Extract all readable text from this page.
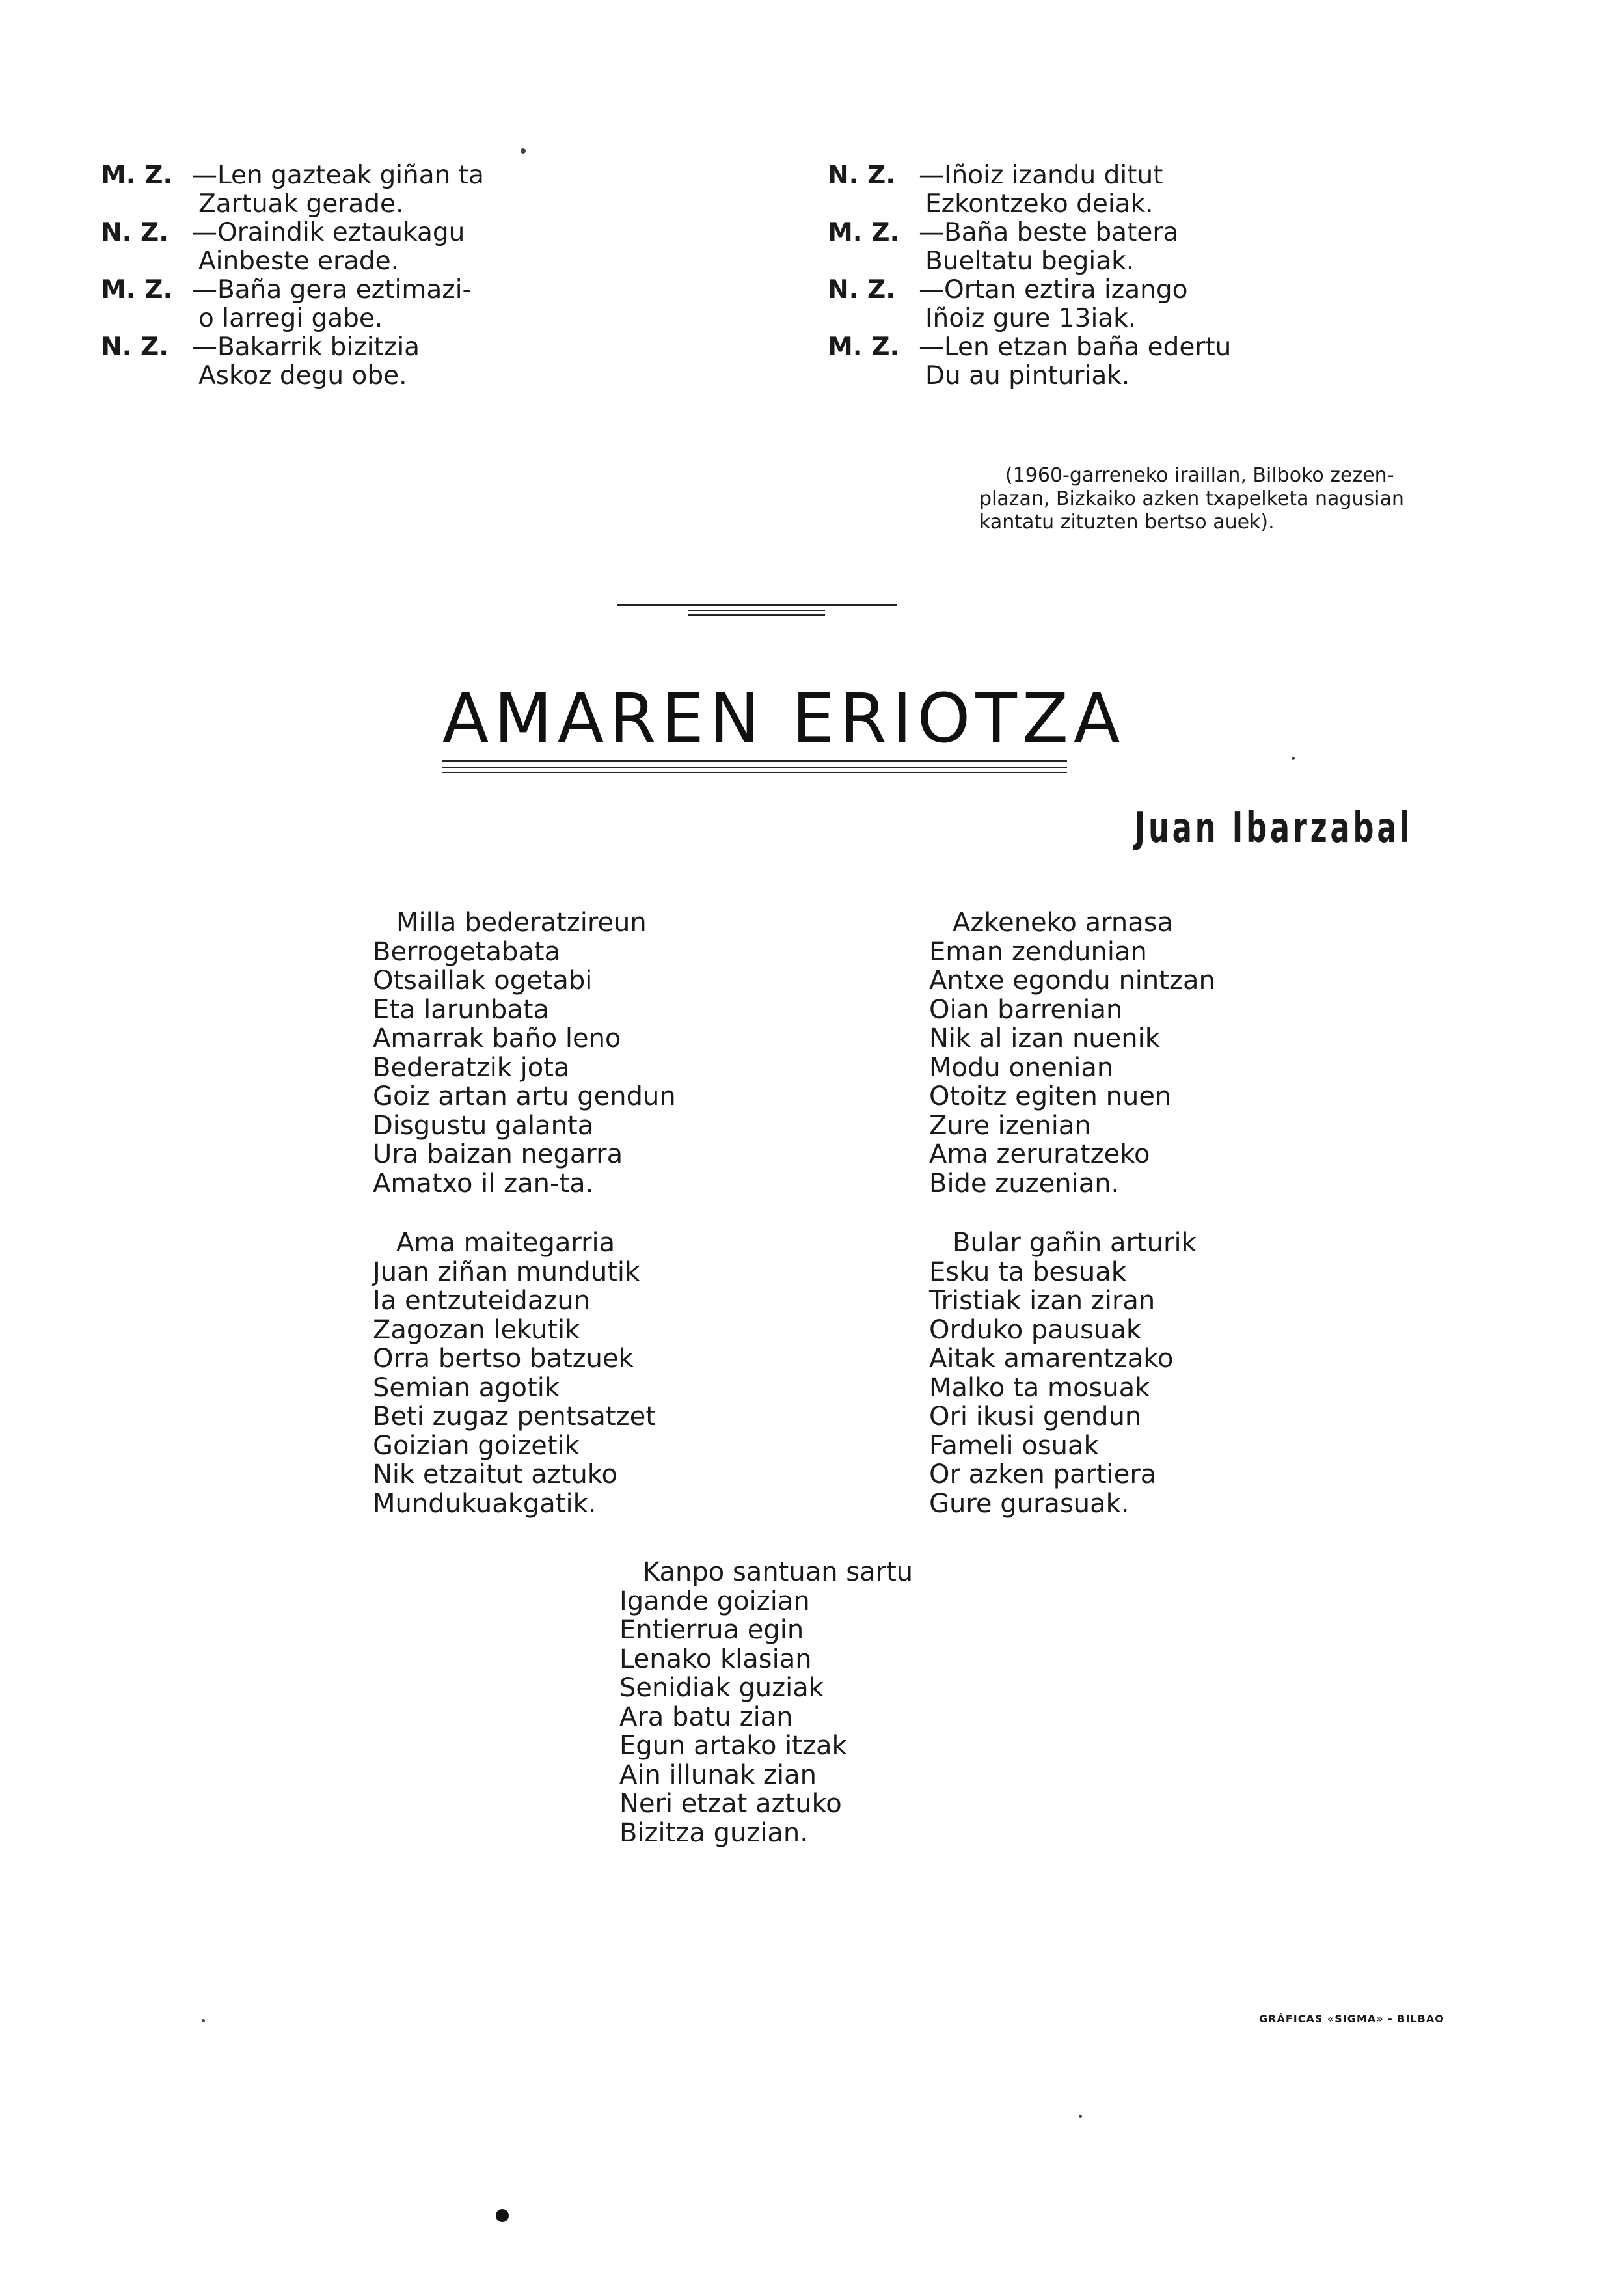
M. Z. —Len gazteak giñan ta
Zartuak gerade.
N. Z. —Oraindik eztaukagu
Ainbeste erade.
M. Z. —Baña gera eztimazi-
o larregi gabe.
N. Z. —Bakarrik bizitzia
Askoz degu obe.
N. Z. —Iñoiz izandu ditut
Ezkontzeko deiak.
M. Z. —Baña beste batera
Bueltatu begiak.
N. Z. —Ortan eztira izango
Iñoiz gure 13iak.
M. Z. —Len etzan baña edertu
Du au pinturiak.
(1960-garreneko iraillan, Bilboko zezen-
plazan, Bizkaiko azken txapelketa nagusian
kantatu zituzten bertso auek).
AMAREN ERIOTZA
Juan Ibarzabal
Milla bederatzireun
Berrogetabata
Otsaillak ogetabi
Eta larunbata
Amarrak baño leno
Bederatzik jota
Goiz artan artu gendun
Disgustu galanta
Ura baizan negarra
Amatxo il zan-ta.
Azkeneko arnasa
Eman zendunian
Antxe egondu nintzan
Oian barrenian
Nik al izan nuenik
Modu onenian
Otoitz egiten nuen
Zure izenian
Ama zeruratzeko
Bide zuzenian.
Ama maitegarria
Juan ziñan mundutik
Ia entzuteidazun
Zagozan lekutik
Orra bertso batzuek
Semian agotik
Beti zugaz pentsatzet
Goizian goizetik
Nik etzaitut aztuko
Mundukuakgatik.
Bular gañin arturik
Esku ta besuak
Tristiak izan ziran
Orduko pausuak
Aitak amarentzako
Malko ta mosuak
Ori ikusi gendun
Fameli osuak
Or azken partiera
Gure gurasuak.
Kanpo santuan sartu
Igande goizian
Entierrua egin
Lenako klasian
Senidiak guziak
Ara batu zian
Egun artako itzak
Ain illunak zian
Neri etzat aztuko
Bizitza guzian.
GRÁFICAS «SIGMA» - BILBAO
